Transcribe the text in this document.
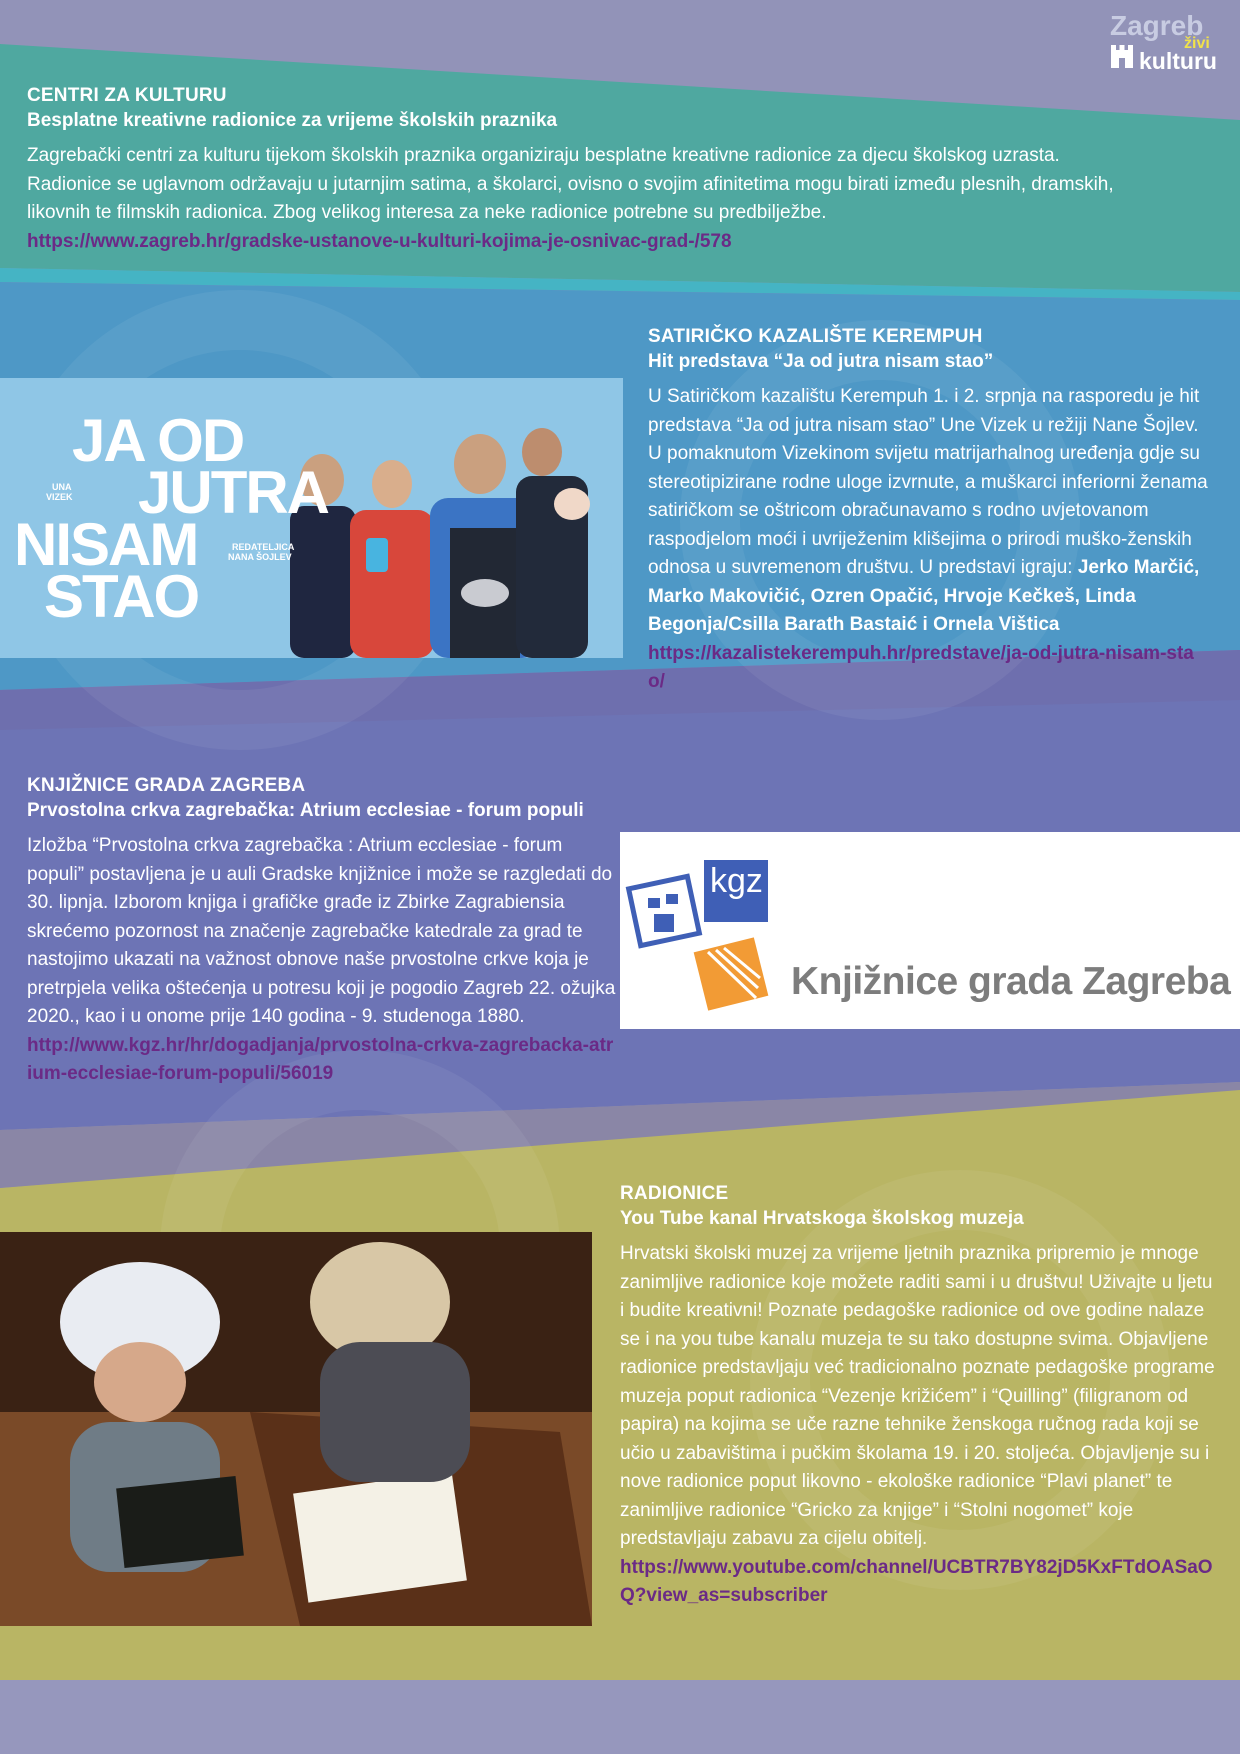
Zagreb
živi
kulturu
CENTRI ZA KULTURU
Besplatne kreativne radionice za vrijeme školskih praznika
Zagrebački centri za kulturu tijekom školskih praznika organiziraju besplatne kreativne radionice za djecu školskog uzrasta. Radionice se uglavnom održavaju u jutarnjim satima, a školarci, ovisno o svojim afinitetima mogu birati između plesnih, dramskih, likovnih te filmskih radionica. Zbog velikog interesa za neke radionice potrebne su predbilježbe.
https://www.zagreb.hr/gradske-ustanove-u-kulturi-kojima-je-osnivac-grad-/578
JA OD
JUTRA
NISAM
STAO
UNA
VIZEK
REDATELJICA
NANA ŠOJLEV
SATIRIČKO KAZALIŠTE KEREMPUH
Hit predstava “Ja od jutra nisam stao”
U Satiričkom kazalištu Kerempuh 1. i 2. srpnja na rasporedu je hit predstava “Ja od jutra nisam stao” Une Vizek u režiji Nane Šojlev. U pomaknutom Vizekinom svijetu matrijarhalnog uređenja gdje su stereotipizirane rodne uloge izvrnute, a muškarci inferiorni ženama satiričkom se oštricom obračunavamo s rodno uvjetovanom raspodjelom moći i uvriježenim klišejima o prirodi muško-ženskih odnosa u suvremenom društvu. U predstavi igraju: Jerko Marčić, Marko Makovičić, Ozren Opačić, Hrvoje Kečkeš, Linda Begonja/Csilla Barath Bastaić i Ornela Vištica
https://kazalistekerempuh.hr/predstave/ja-od-jutra-nisam-stao/
KNJIŽNICE GRADA ZAGREBA
Prvostolna crkva zagrebačka: Atrium ecclesiae - forum populi
Izložba “Prvostolna crkva zagrebačka : Atrium ecclesiae - forum populi” postavljena je u auli Gradske knjižnice i može se razgledati do 30. lipnja. Izborom knjiga i grafičke građe iz Zbirke Zagrabiensia skrećemo pozornost na značenje zagrebačke katedrale za grad te nastojimo ukazati na važnost obnove naše prvostolne crkve koja je pretrpjela velika oštećenja u potresu koji je pogodio Zagreb 22. ožujka 2020., kao i u onome prije 140 godina - 9. studenoga 1880.
http://www.kgz.hr/hr/dogadjanja/prvostolna-crkva-zagrebacka-atrium-ecclesiae-forum-populi/56019
kgz
Knjižnice grada Zagreba
RADIONICE
You Tube kanal Hrvatskoga školskog muzeja
Hrvatski školski muzej za vrijeme ljetnih praznika pripremio je mnoge zanimljive radionice koje možete raditi sami i u društvu! Uživajte u ljetu i budite kreativni! Poznate pedagoške radionice od ove godine nalaze se i na you tube kanalu muzeja te su tako dostupne svima. Objavljene radionice predstavljaju već tradicionalno poznate pedagoške programe muzeja poput radionica “Vezenje križićem” i “Quilling” (filigranom od papira) na kojima se uče razne tehnike ženskoga ručnog rada koji se učio u zabavištima i pučkim školama 19. i 20. stoljeća. Objavljenje su i nove radionice poput likovno - ekološke radionice “Plavi planet” te zanimljive radionice “Gricko za knjige” i “Stolni nogomet” koje predstavljaju zabavu za cijelu obitelj.
https://www.youtube.com/channel/UCBTR7BY82jD5KxFTdOASaOQ?view_as=subscriber
